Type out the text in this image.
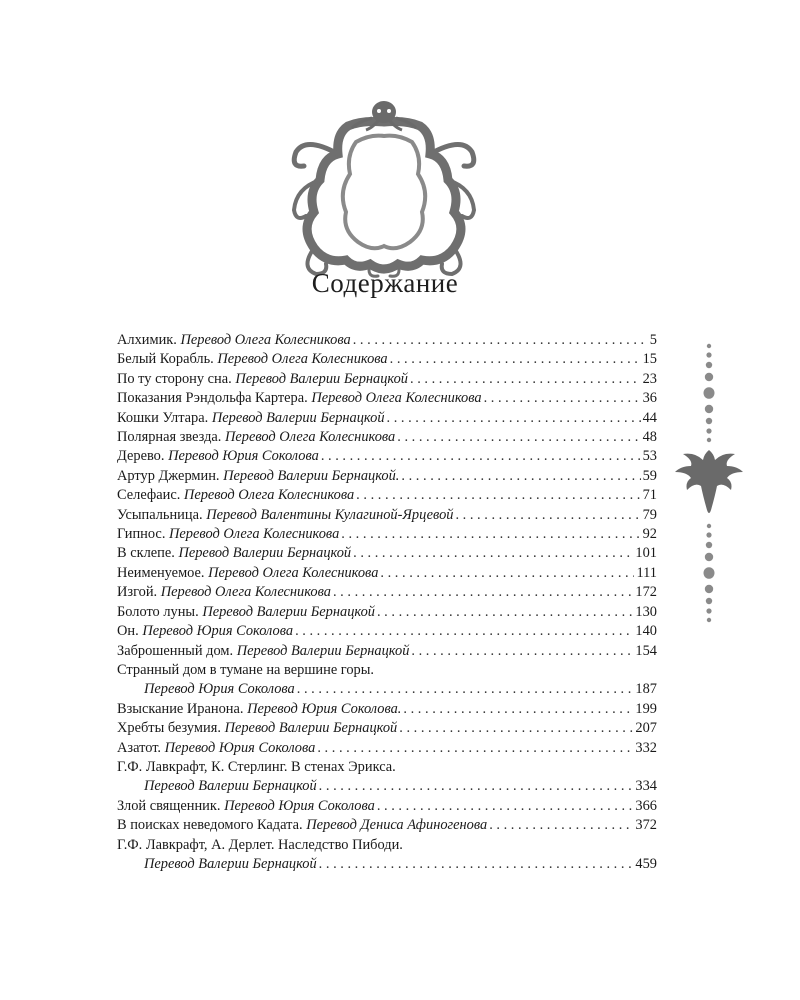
Содержание
Алхимик. Перевод Олега Колесникова . . .	5
Белый Корабль. Перевод Олега Колесникова . . .	15
По ту сторону сна. Перевод Валерии Бернацкой . . .	23
Показания Рэндольфа Картера. Перевод Олега Колесникова . . .	36
Кошки Ултара. Перевод Валерии Бернацкой . . .	44
Полярная звезда. Перевод Олега Колесникова . . .	48
Дерево. Перевод Юрия Соколова . . .	53
Артур Джермин. Перевод Валерии Бернацкой. . . .	59
Селефаис. Перевод Олега Колесникова . . .	71
Усыпальница. Перевод Валентины Кулагиной-Ярцевой . . .	79
Гипнос. Перевод Олега Колесникова . . .	92
В склепе. Перевод Валерии Бернацкой . . .	101
Неименуемое. Перевод Олега Колесникова . . .	111
Изгой. Перевод Олега Колесникова . . .	172
Болото луны. Перевод Валерии Бернацкой . . .	130
Он. Перевод Юрия Соколова . . .	140
Заброшенный дом. Перевод Валерии Бернацкой . . .	154
Странный дом в тумане на вершине горы.
Перевод Юрия Соколова . . .	187
Взыскание Иранона. Перевод Юрия Соколова. . . .	199
Хребты безумия. Перевод Валерии Бернацкой . . .	207
Азатот. Перевод Юрия Соколова . . .	332
Г.Ф. Лавкрафт, К. Стерлинг. В стенах Эрикса.
Перевод Валерии Бернацкой . . .	334
Злой священник. Перевод Юрия Соколова . . .	366
В поисках неведомого Кадата. Перевод Дениса Афиногенова . . .	372
Г.Ф. Лавкрафт, А. Дерлет. Наследство Пибоди.
Перевод Валерии Бернацкой . . .	459
